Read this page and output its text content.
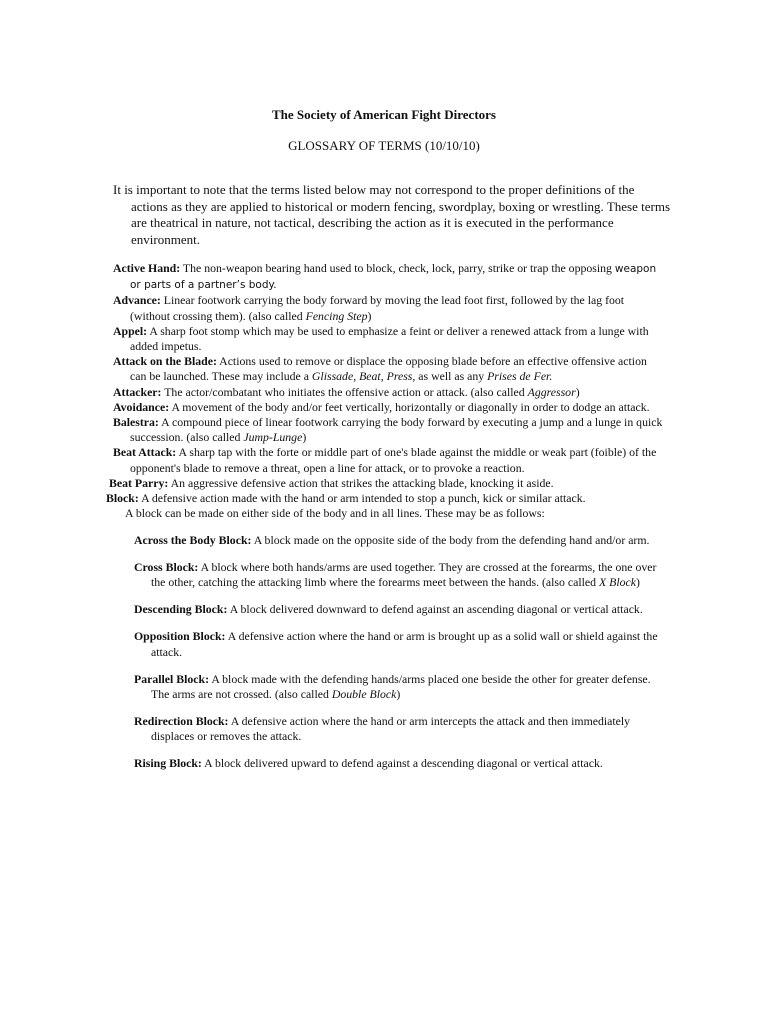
The Society of American Fight Directors
GLOSSARY OF TERMS (10/10/10)
It is important to note that the terms listed below may not correspond to the proper definitions of the actions as they are applied to historical or modern fencing, swordplay, boxing or wrestling. These terms are theatrical in nature, not tactical, describing the action as it is executed in the performance environment.

Active Hand: The non-weapon bearing hand used to block, check, lock, parry, strike or trap the opposing weapon or parts of a partner’s body.

Advance: Linear footwork carrying the body forward by moving the lead foot first, followed by the lag foot (without crossing them). (also called Fencing Step)

Appel: A sharp foot stomp which may be used to emphasize a feint or deliver a renewed attack from a lunge with added impetus.

Attack on the Blade: Actions used to remove or displace the opposing blade before an effective offensive action can be launched. These may include a Glissade, Beat, Press, as well as any Prises de Fer.

Attacker: The actor/combatant who initiates the offensive action or attack. (also called Aggressor)

Avoidance: A movement of the body and/or feet vertically, horizontally or diagonally in order to dodge an attack.

Balestra: A compound piece of linear footwork carrying the body forward by executing a jump and a lunge in quick succession. (also called Jump-Lunge)

Beat Attack: A sharp tap with the forte or middle part of one's blade against the middle or weak part (foible) of the opponent's blade to remove a threat, open a line for attack, or to provoke a reaction.

Beat Parry: An aggressive defensive action that strikes the attacking blade, knocking it aside.

Block: A defensive action made with the hand or arm intended to stop a punch, kick or similar attack.

A block can be made on either side of the body and in all lines. These may be as follows:

Across the Body Block: A block made on the opposite side of the body from the defending hand and/or arm.

Cross Block: A block where both hands/arms are used together. They are crossed at the forearms, the one over the other, catching the attacking limb where the forearms meet between the hands. (also called X Block)

Descending Block: A block delivered downward to defend against an ascending diagonal or vertical attack.

Opposition Block: A defensive action where the hand or arm is brought up as a solid wall or shield against the attack.

Parallel Block: A block made with the defending hands/arms placed one beside the other for greater defense. The arms are not crossed. (also called Double Block)

Redirection Block: A defensive action where the hand or arm intercepts the attack and then immediately displaces or removes the attack.

Rising Block: A block delivered upward to defend against a descending diagonal or vertical attack.
